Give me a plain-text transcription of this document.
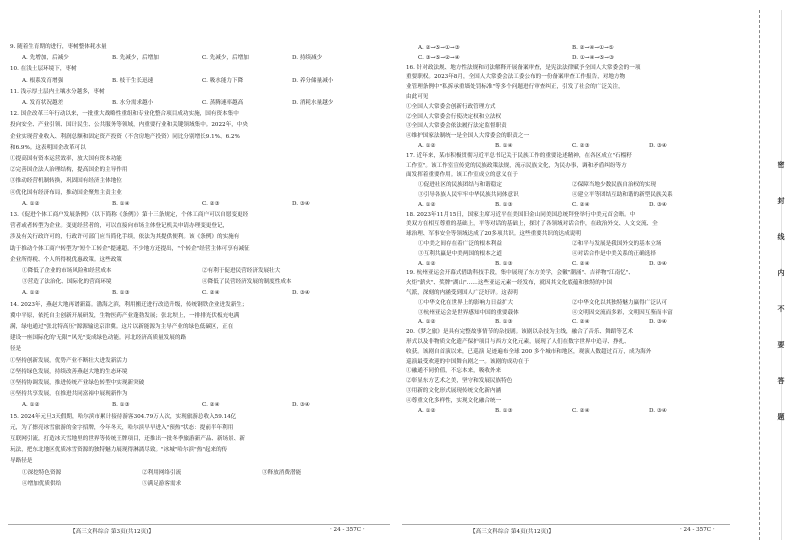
9. 随着生育期的进行，枣树整体耗水量
A. 先增加，后减少	B. 先减少，后增加	C. 先减少，后增加	D. 持续减少
10. 在浅土层环境下，枣树
A. 根系发育增强	B. 枝干生长迅速	C. 吸水能力下降	D. 养分储量减小
11. 浅示厚土层内土壤水分越多，枣树
A. 发育状况越差	B. 水分需求越小	C. 蒸腾速率越高	D. 消耗水量越少
12. 国企改革三年行动以来，一批重大战略性重组和专业化整合项目成功实施，国有资本集中
投向安全、产业引领、国计民生、公共服务等领域，内重要行业和关键领域集中。2022年，中央
企业实现营业收入、利润总额和固定资产投资（不含房地产投资）同比分别增长9.1%、6.2%
和6.9%。这表明国企改革可以
①提高国有资本运营效率，放大国有资本功能
②完善国企法人治理结构，提高国企的主导作用
③推动经营机制转换，巩固国有经济主体地位
④优化国有经济布局，推动国企聚焦主责主业
A. ①②	B. ①④	C. ②③	D. ③④
13.《促进个体工商户发展条例》（以下简称《条例》）第十三条规定，个体工商户可以自愿变更经
营者或者转型为企业。变更经营者的，可以直接向市场主体登记机关申请办理变更登记，
涉及有关行政许可的，行政许可部门应当简化手续，依法为其提供便利。该《条例》的实施有
助于推动个体工商户转型为"短个工转企"提速超。不少地方还提出，"个转企"经营主体可享有减征
企业所得税、个人所得税优惠政策。这些政策
①降低了企业的市场风险和经营成本	②有利于促进民营经济发展壮大
③营造了法治化、国际化的营商环境	④降低了民营经济发展的制度性成本
A. ①②	B. ①③	C. ②④	D. ③④
14. 2023年，燕赵大地再谱新篇。渤海之滨，利用搬迁进行改造升级，传统钢铁企业迸发新生；
冀中平原，依托自主创新开展研发，生物医药产业蓬勃发展；张北坝上，一排排光伏板充电满
满，绿电通过"张北特高压"源源输送京津冀。这片以新能源为主导产业的绿色低碳区，正在
建设一座国际化的'无限'"风光"变成绿色动能。河北经济高质量发展的路
径是
①坚持创新发展，优势产业不断壮大进发新活力
②坚持绿色发展，持续改善燕赵大地的生态环境
③坚持协调发展，推进传统产业绿色转型中实现新突破
④坚持共享发展，在推进共同富裕中展现新作为
A. ①②	B. ①③	C. ②④	D. ③④
15. 2024年元旦3天假期，哈尔滨市累计接待游客304.79万人次，实现旅游总收入59.14亿
元，为了擦亮冰雪旅游的金字招牌，今年冬天，哈尔滨早早进入"预热"状态：提前半年利用
互联网引流，打造冰天雪地里的世界等传统王牌项目，还推出一批冬季旅游新产品、新场景、新
玩法，把东北地区优质冰雪资源的独特魅力展现得淋漓尽致。"冰城"哈尔滨"热"起来的传
导路径是
①深挖特色资源	②利用网络引流	③释放消费潜能
④增加优质供给	⑤满足游客需求
A. ②→⑤→①→③	B. ②→④→①→⑤
C. ③→⑤→②→④	D. ①→④→⑤→③
16. 针对政法规、地方性法规和司法解释开展备案审查，是宪法法律赋予全国人大常委会的一项
重要职权。2023年8月，全国人大常委会法工委公布的一份备案审查工作报告，对地方物
业管理条例中"私拆承重墙处罚标准"等多个问题进行审查纠正，引发了社会的广泛关注，
由此可见
①全国人大常委会创新行政管理方式
②全国人大常委会行使决定权和立法权
③全国人大常委会依法履行法定监督职责
④维护国家法制统一是全国人大常委会的职责之一
A. ①②	B. ①④	C. ②③	D. ③④
17. 近年来，某市积极贯彻习近平总书记关于民族工作的重要论述精神，在各区成立"石榴籽
工作室"。该工作室宣传党的民族政策法规，流示民族文化，为民办事，调和矛盾纠纷等方
面发挥着重要作用。该工作室成立的意义在于
①促进社区的民族团结与和谐稳定	②保障当地少数民族自治权的实现
③引导各族人民牢牢中华民族共同体意识	④建立平等团结互助和谐的新型民族关系
A. ①②	B. ①③	C. ②④	D. ③④
18. 2023年11月15日，国家主席习近平在美国旧金山同美国总统拜登举行中美元首会晤。中
美双方在相互尊重的基础上，平等对话的基础上，探讨了各领域对话合作，在政治外交、人文交流、全
球治理、军事安全等领域达成了20多项共识。这些重要共识的达成说明
①中美之间存在着广泛的根本利益	②和平与发展是我国外交的基本立场
③互利共赢是中美两国的根本之道	④对话合作是中美关系的正确选择
A. ①②	B. ①③	C. ②④	D. ③④
19. 杭州亚运会开幕式借助科技手段，集中展现了东方美学，会徽"潮涌"、吉祥物"江南忆"、
火炬"薪火"、奖牌"湖山"……这些亚运元素一经发布，就因其文化底蕴和独特的中国
气派，深刻的内涵受到国人广泛好评。这表明
①中华文化在世界上的影响力日益扩大	②中华文化以其独特魅力赢得广泛认可
③杭州亚运会是世界感知中国的重要载体	④文明因交流而多彩，文明因互鉴而丰富
A. ①②	B. ①③	C. ②④	D. ③④
20.《梦之旅》是具有完整故事情节的杂技剧。该剧以杂技为主线，融合了音乐、舞蹈等艺术
形式以及非物质文化遗产保护项目与西方文化元素，展现了人们在数字世界中追寻、挣扎、
收获。该剧自首演以来，已巡演 足迹遍布全球 200 多个城市和地区，观演人数超过百万，成为海外
巡演最受欢迎的中国舞台剧之一。该剧的成功在于
①融通不同价值，不忘本来，吸收外来
②彰显东方艺术之美，坚守和发展民族特色
③用新的文化形式展现传统文化新内涵
④尊重文化多样性，实现文化融合统一
A. ①②	B. ①③	C. ②④	D. ③④
【高三文科综合 第3页(共12页)】	· 24 - 357C ·	【高三文科综合 第4页(共12页)】	· 24 - 357C ·
密
封
线
内
不
要
答
题
